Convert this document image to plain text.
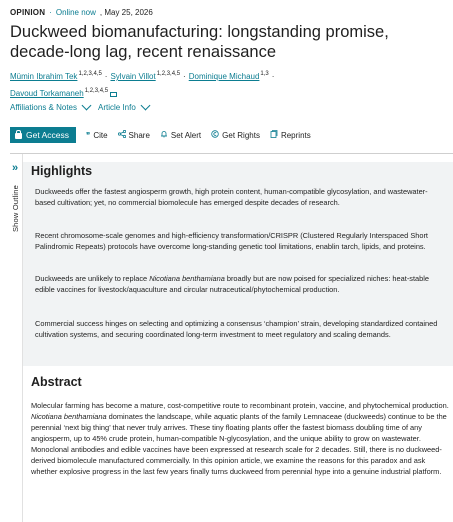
OPINION · Online now , May 25, 2026
Duckweed biomanufacturing: longstanding promise, decade-long lag, recent renaissance
Mümin Ibrahim Tek$^{1,2,3,4,5}$ · Sylvain Villot$^{1,2,3,4,5}$ · Dominique Michaud$^{1,3}$ ·
Davoud Torkamaneh$^{1,2,3,4,5}$
Affiliations & Notes	Article Info
Get Access ❞ Cite	Share	Set Alert	Get Rights	Reprints
»
Show Outline
Highlights

Duckweeds offer the fastest angiosperm growth, high protein content, human-compatible glycosylation, and wastewater-based cultivation; yet, no commercial biomolecule has emerged despite decades of research.

Recent chromosome-scale genomes and high-efficiency transformation/CRISPR (Clustered Regularly Interspaced Short Palindromic Repeats) protocols have overcome long-standing genetic tool limitations, enablin tarch, lipids, and proteins.

Duckweeds are unlikely to replace Nicotiana benthamiana broadly but are now poised for specialized niches: heat-stable edible vaccines for livestock/aquaculture and circular nutraceutical/phytochemical production.

Commercial success hinges on selecting and optimizing a consensus ‘champion’ strain, developing standardized contained cultivation systems, and securing coordinated long-term investment to meet regulatory and scaling demands.

Abstract

Molecular farming has become a mature, cost-competitive route to recombinant protein, vaccine, and phytochemical production. Nicotiana benthamiana dominates the landscape, while aquatic plants of the family Lemnaceae (duckweeds) continue to be the perennial ‘next big thing’ that never truly arrives. These tiny floating plants offer the fastest biomass doubling time of any angiosperm, up to 45% crude protein, human-compatible N-glycosylation, and the unique ability to grow on wastewater. Monoclonal antibodies and edible vaccines have been expressed at research scale for 2 decades. Still, there is no duckweed-derived biomolecule manufactured commercially. In this opinion article, we examine the reasons for this paradox and ask whether explosive progress in the last few years finally turns duckweed from perennial hype into a genuine industrial platform.
